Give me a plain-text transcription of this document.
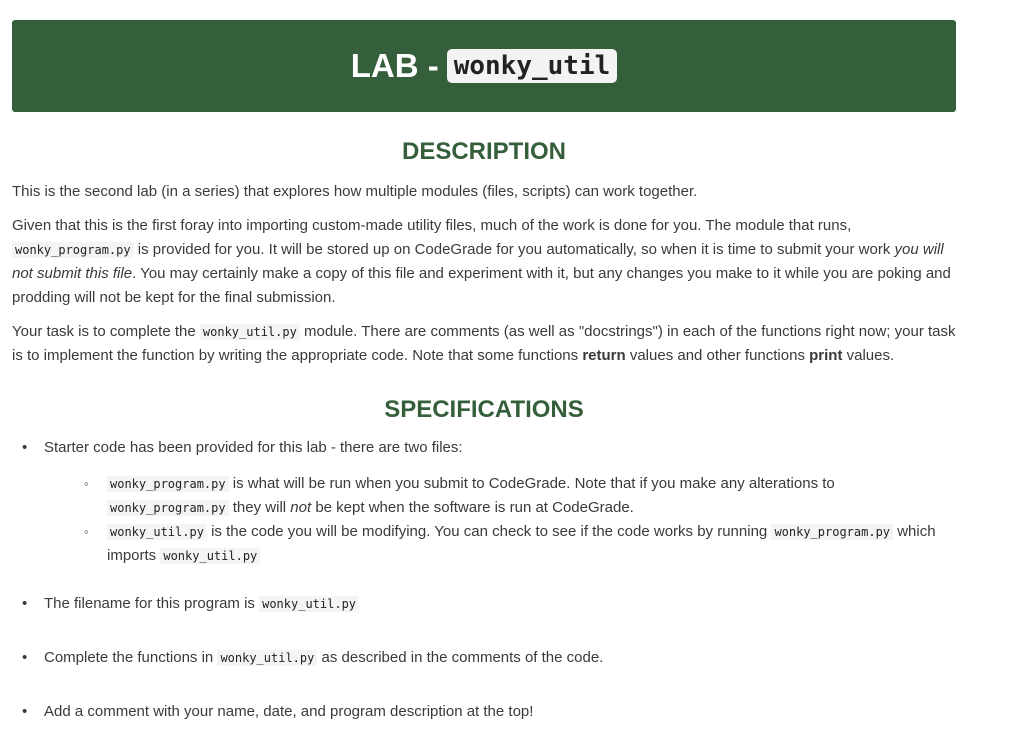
LAB - wonky_util
DESCRIPTION

This is the second lab (in a series) that explores how multiple modules (files, scripts) can work together.

Given that this is the first foray into importing custom-made utility files, much of the work is done for you. The module that runs, wonky_program.py is provided for you. It will be stored up on CodeGrade for you automatically, so when it is time to submit your work you will not submit this file. You may certainly make a copy of this file and experiment with it, but any changes you make to it while you are poking and prodding will not be kept for the final submission.

Your task is to complete the wonky_util.py module. There are comments (as well as "docstrings") in each of the functions right now; your task is to implement the function by writing the appropriate code. Note that some functions return values and other functions print values.

SPECIFICATIONS
• Starter code has been provided for this lab - there are two files:
◦ wonky_program.py is what will be run when you submit to CodeGrade. Note that if you make any alterations to wonky_program.py they will not be kept when the software is run at CodeGrade.
◦ wonky_util.py is the code you will be modifying. You can check to see if the code works by running wonky_program.py which imports wonky_util.py
• The filename for this program is wonky_util.py
• Complete the functions in wonky_util.py as described in the comments of the code.
• Add a comment with your name, date, and program description at the top!
